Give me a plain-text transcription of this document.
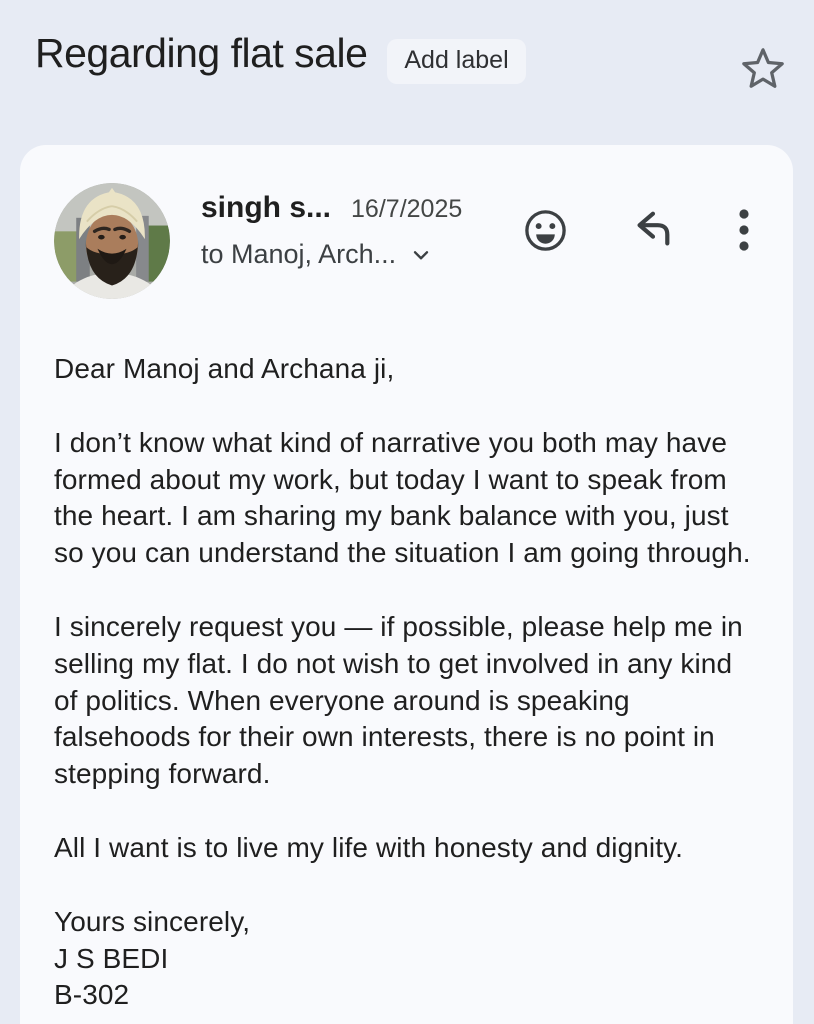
Regarding flat sale	Add label
singh s... 16/7/2025
to Manoj, Arch...

Dear Manoj and Archana ji,

I don’t know what kind of narrative you both may have formed about my work, but today I want to speak from the heart. I am sharing my bank balance with you, just so you can understand the situation I am going through.

I sincerely request you — if possible, please help me in selling my flat. I do not wish to get involved in any kind of politics. When everyone around is speaking falsehoods for their own interests, there is no point in stepping forward.

All I want is to live my life with honesty and dignity.

Yours sincerely,
J S BEDI
B-302
